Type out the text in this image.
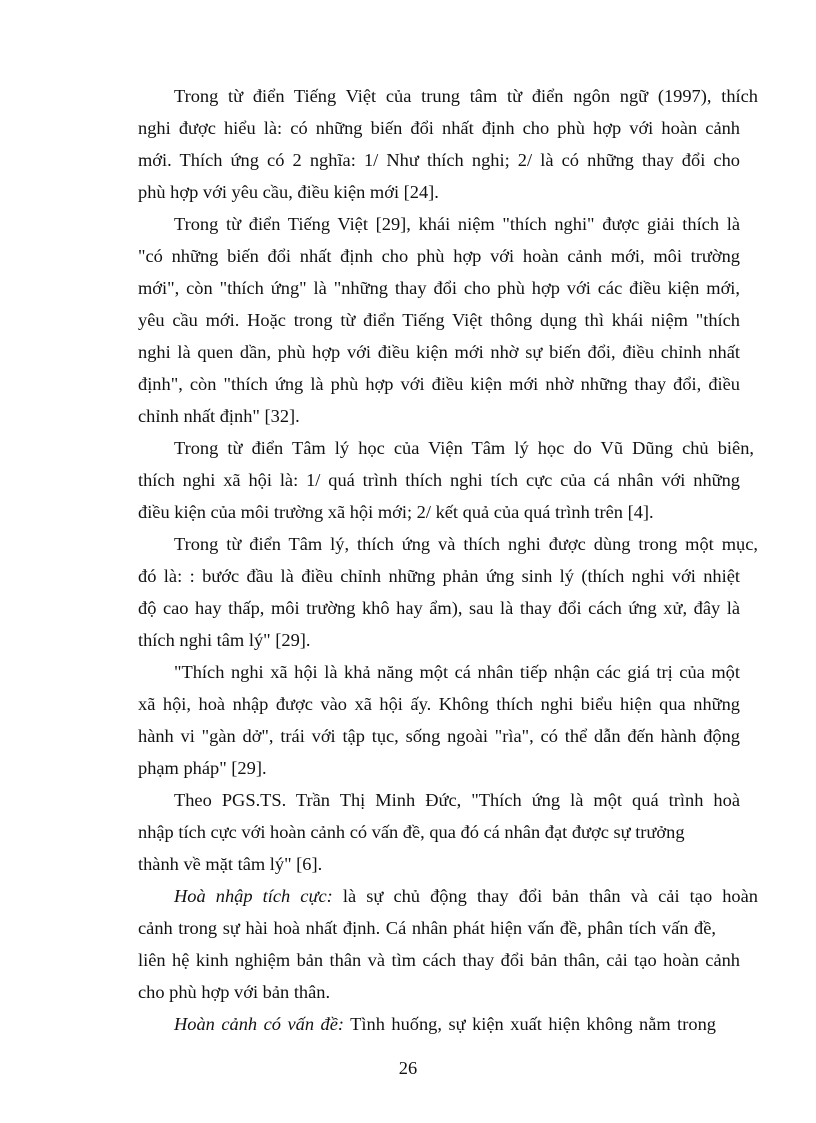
Trong từ điển Tiếng Việt của trung tâm từ điển ngôn ngữ (1997), thích
nghi được hiểu là: có những biến đổi nhất định cho phù hợp với hoàn cảnh
mới. Thích ứng có 2 nghĩa: 1/ Như thích nghi; 2/ là có những thay đổi cho
phù hợp với yêu cầu, điều kiện mới [24].
Trong từ điển Tiếng Việt [29], khái niệm "thích nghi" được giải thích là
"có những biến đổi nhất định cho phù hợp với hoàn cảnh mới, môi trường
mới", còn "thích ứng" là "những thay đổi cho phù hợp với các điều kiện mới,
yêu cầu mới. Hoặc trong từ điển Tiếng Việt thông dụng thì khái niệm "thích
nghi là quen dần, phù hợp với điều kiện mới nhờ sự biến đổi, điều chỉnh nhất
định", còn "thích ứng là phù hợp với điều kiện mới nhờ những thay đổi, điều
chỉnh nhất định" [32].
Trong từ điển Tâm lý học của Viện Tâm lý học do Vũ Dũng chủ biên,
thích nghi xã hội là: 1/ quá trình thích nghi tích cực của cá nhân với những
điều kiện của môi trường xã hội mới; 2/ kết quả của quá trình trên [4].
Trong từ điển Tâm lý, thích ứng và thích nghi được dùng trong một mục,
đó là: : bước đầu là điều chỉnh những phản ứng sinh lý (thích nghi với nhiệt
độ cao hay thấp, môi trường khô hay ẩm), sau là thay đổi cách ứng xử, đây là
thích nghi tâm lý" [29].
"Thích nghi xã hội là khả năng một cá nhân tiếp nhận các giá trị của một
xã hội, hoà nhập được vào xã hội ấy. Không thích nghi biểu hiện qua những
hành vi "gàn dở", trái với tập tục, sống ngoài "rìa", có thể dẫn đến hành động
phạm pháp" [29].
Theo PGS.TS. Trần Thị Minh Đức, "Thích ứng là một quá trình hoà
nhập tích cực với hoàn cảnh có vấn đề, qua đó cá nhân đạt được sự trưởng
thành về mặt tâm lý" [6].
Hoà nhập tích cực: là sự chủ động thay đổi bản thân và cải tạo hoàn
cảnh trong sự hài hoà nhất định. Cá nhân phát hiện vấn đề, phân tích vấn đề,
liên hệ kinh nghiệm bản thân và tìm cách thay đổi bản thân, cải tạo hoàn cảnh
cho phù hợp với bản thân.
Hoàn cảnh có vấn đề: Tình huống, sự kiện xuất hiện không nằm trong
26
